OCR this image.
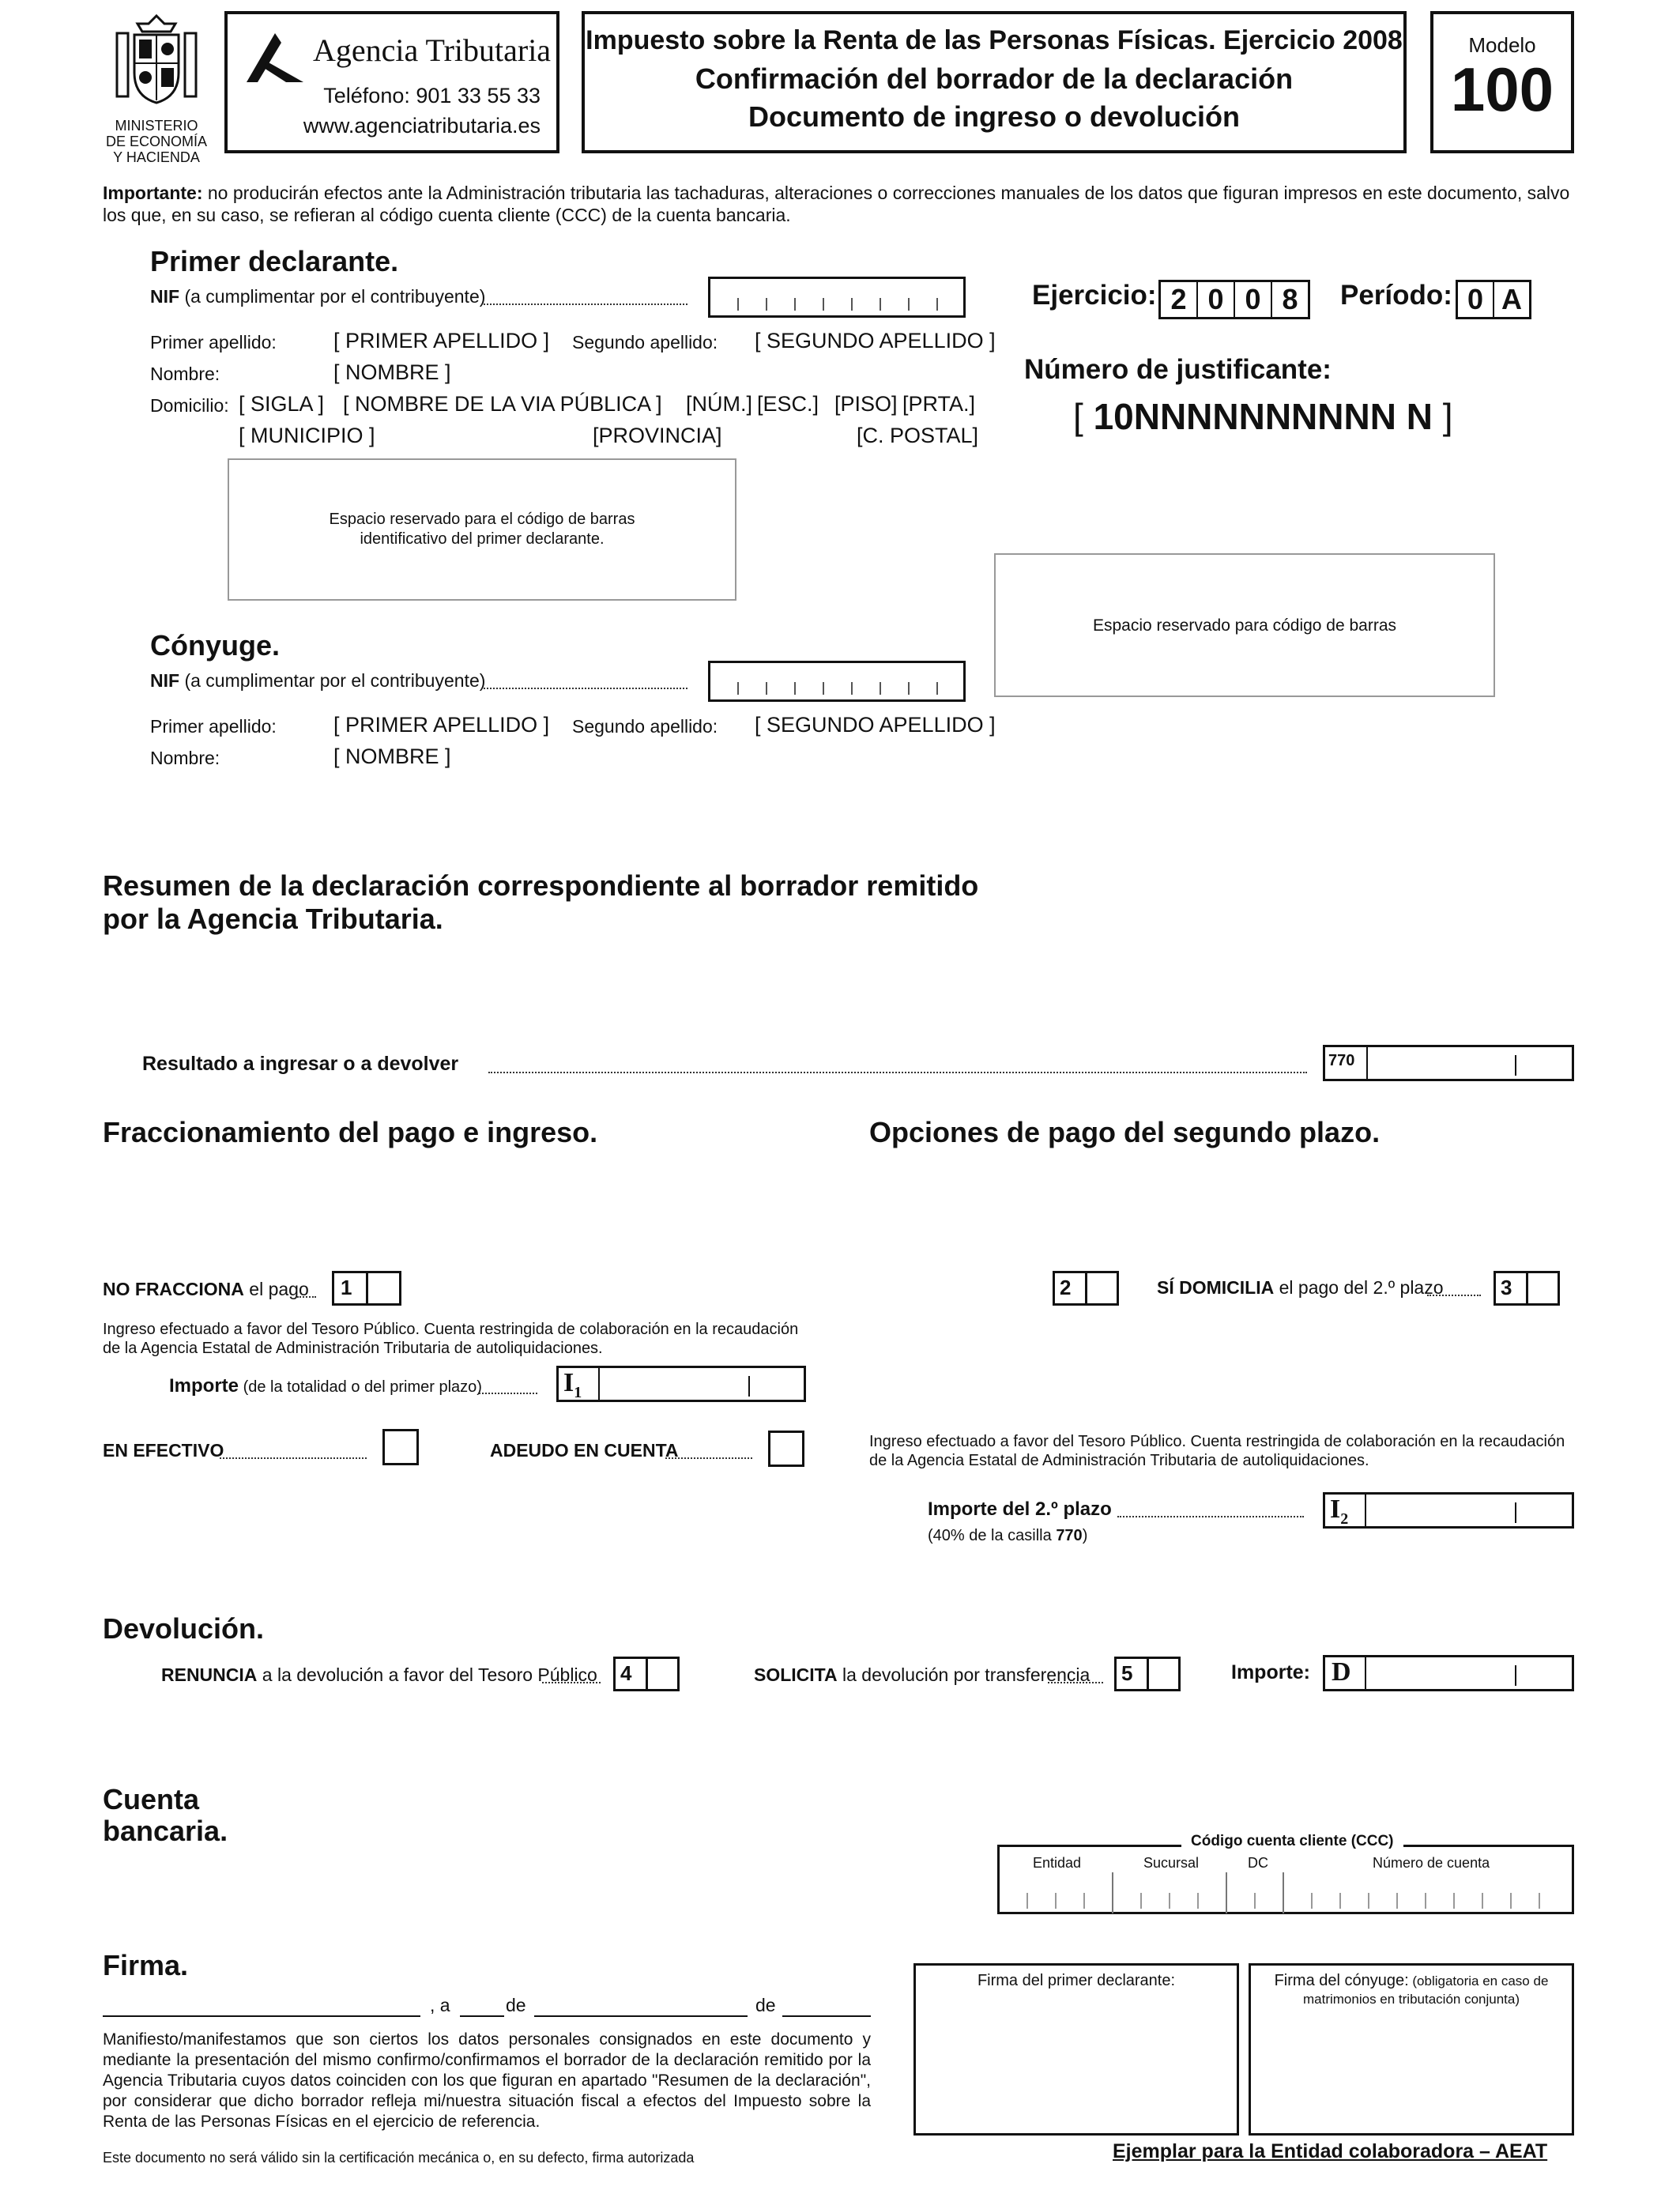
MINISTERIO
DE ECONOMÍA
Y HACIENDA
Agencia Tributaria
Teléfono: 901 33 55 33
www.agenciatributaria.es
Impuesto sobre la Renta de las Personas Físicas. Ejercicio 2008
Confirmación del borrador de la declaración
Documento de ingreso o devolución
Modelo
100
Importante: no producirán efectos ante la Administración tributaria las tachaduras, alteraciones o correcciones manuales de los datos que figuran impresos en este documento, salvo los que, en su caso, se refieran al código cuenta cliente (CCC) de la cuenta bancaria.
Primer declarante.
NIF (a cumplimentar por el contribuyente)
Primer apellido:	[ PRIMER APELLIDO ] Segundo apellido: [ SEGUNDO APELLIDO ]
Nombre:	[ NOMBRE ]
Domicilio: [ SIGLA ] [ NOMBRE DE LA VIA PÚBLICA ] [NÚM.] [ESC.] [PISO] [PRTA.]
[ MUNICIPIO ]	[PROVINCIA]	[C. POSTAL]
Espacio reservado para el código de barras
identificativo del primer declarante.
Ejercicio: 2 0 0 8	Período: 0 A
Número de justificante:
[ 10NNNNNNNNNN N ]
Espacio reservado para código de barras
Cónyuge.
NIF (a cumplimentar por el contribuyente)
Primer apellido:	[ PRIMER APELLIDO ] Segundo apellido: [ SEGUNDO APELLIDO ]
Nombre:	[ NOMBRE ]
Resumen de la declaración correspondiente al borrador remitido
por la Agencia Tributaria.
Resultado a ingresar o a devolver	770
Fraccionamiento del pago e ingreso.	Opciones de pago del segundo plazo.
NO FRACCIONA el pago	1
Ingreso efectuado a favor del Tesoro Público. Cuenta restringida de colaboración en la recaudación de la Agencia Estatal de Administración Tributaria de autoliquidaciones.
Importe (de la totalidad o del primer plazo)	$I_1$
EN EFECTIVO	ADEUDO EN CUENTA
2	SÍ DOMICILIA el pago del 2.º plazo	3
Ingreso efectuado a favor del Tesoro Público. Cuenta restringida de colaboración en la recaudación de la Agencia Estatal de Administración Tributaria de autoliquidaciones.
Importe del 2.º plazo
(40% de la casilla 770)
$I_2$
Devolución.
RENUNCIA a la devolución a favor del Tesoro Público	4	SOLICITA la devolución por transferencia	5	Importe: D
Cuenta
bancaria.	Código cuenta cliente (CCC)
Entidad	Sucursal	DC	Número de cuenta
Firma.
, a	de	de
Manifiesto/manifestamos que son ciertos los datos personales consignados en este documento y mediante la presentación del mismo confirmo/confirmamos el borrador de la declaración remitido por la Agencia Tributaria cuyos datos coinciden con los que figuran en apartado "Resumen de la declaración", por considerar que dicho borrador refleja mi/nuestra situación fiscal a efectos del Impuesto sobre la Renta de las Personas Físicas en el ejercicio de referencia.
Este documento no será válido sin la certificación mecánica o, en su defecto, firma autorizada
Firma del primer declarante:	Firma del cónyuge: (obligatoria en caso de matrimonios en tributación conjunta)
Ejemplar para la Entidad colaboradora – AEAT
